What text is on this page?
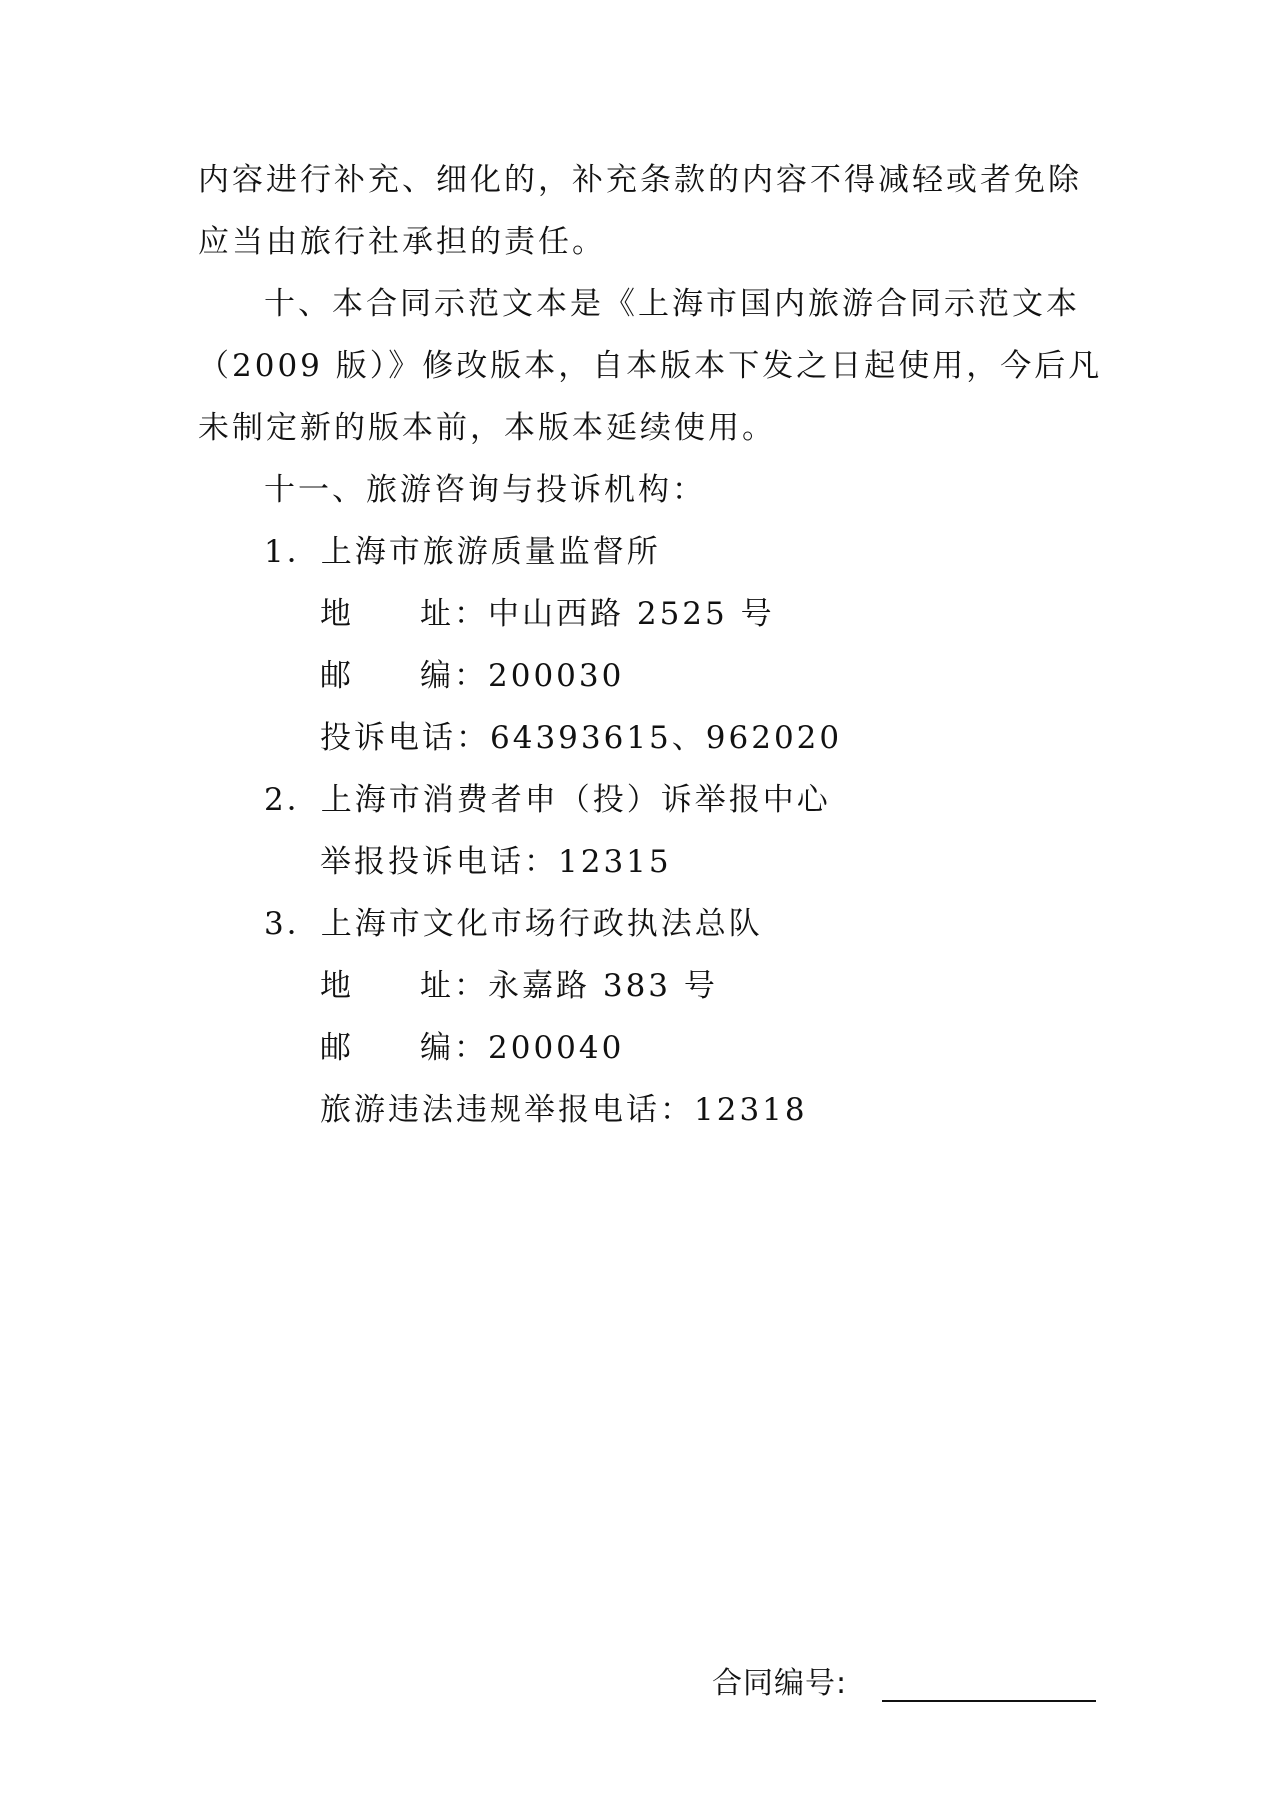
内容进行补充、细化的，补充条款的内容不得减轻或者免除
应当由旅行社承担的责任。
十、本合同示范文本是《上海市国内旅游合同示范文本
（2009 版）》修改版本，自本版本下发之日起使用，今后凡
未制定新的版本前，本版本延续使用。
十一、旅游咨询与投诉机构：
1．上海市旅游质量监督所
地 址：中山西路 2525 号
邮 编：200030
投诉电话：64393615、962020
2．上海市消费者申（投）诉举报中心
举报投诉电话：12315
3．上海市文化市场行政执法总队
地 址：永嘉路 383 号
邮 编：200040
旅游违法违规举报电话：12318
合同编号:
